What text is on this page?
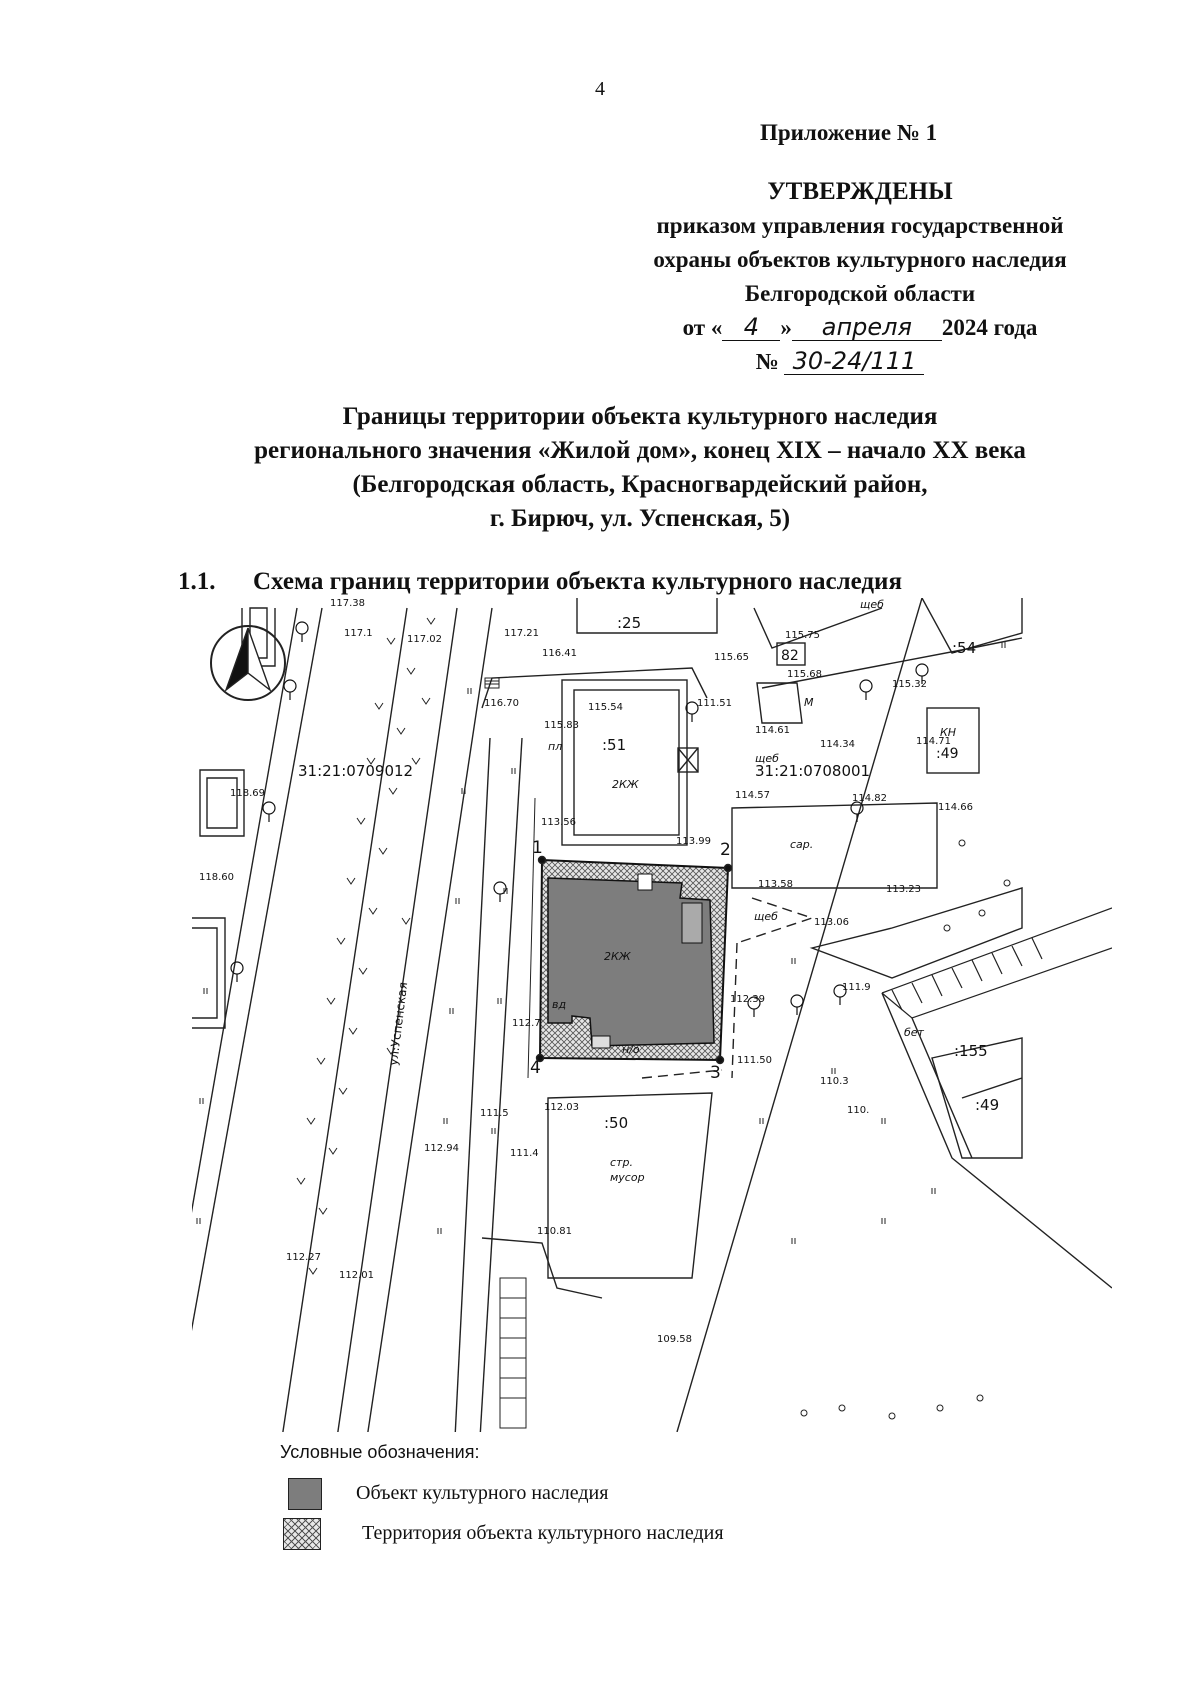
4
Приложение № 1
УТВЕРЖДЕНЫ
приказом управления государственной
охраны объектов культурного наследия
Белгородской области
от « 4 » апреля 2024 года
№ 30-24/111
Границы территории объекта культурного наследия
регионального значения «Жилой дом», конец XIX – начало XX века
(Белгородская область, Красногвардейский район,
г. Бирюч, ул. Успенская, 5)
1.1. Схема границ территории объекта культурного наследия
:25
:54
:51	:49
:49
:155
:50
82
31:21:0709012	31:21:0708001
ул.Успенская
2КЖ
2КЖ
М
КН
сар.
стр.
мусор
щеб
щеб
щеб
бет
пл
вд
н/о
1	2
3
4
117.38
117.1
117.02
117.21
116.41	115.65
115.75
115.68
115.32
116.70
115.83
115.54	111.51
114.71
114.61
114.34
114.57	114.82
114.66
118.69
113.56
113.99
113.58	113.23
113.06
118.60
111.9
112.7
112.39
111.50
110.3
110.
111.5
112.03
112.94	111.4
110.81
112.27
112.01
109.58
Условные обозначения:
Объект культурного наследия
Территория объекта культурного наследия
